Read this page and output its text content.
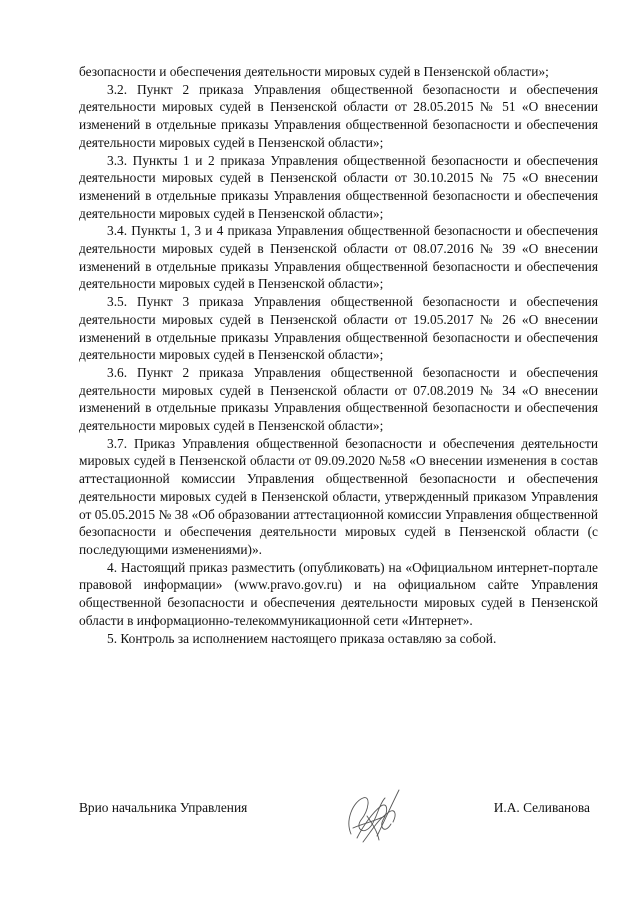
безопасности и обеспечения деятельности мировых судей в Пензенской области»;

3.2. Пункт 2 приказа Управления общественной безопасности и обеспечения деятельности мировых судей в Пензенской области от 28.05.2015 № 51 «О внесении изменений в отдельные приказы Управления общественной безопасности и обеспечения деятельности мировых судей в Пензенской области»;

3.3. Пункты 1 и 2 приказа Управления общественной безопасности и обеспечения деятельности мировых судей в Пензенской области от 30.10.2015 № 75 «О внесении изменений в отдельные приказы Управления общественной безопасности и обеспечения деятельности мировых судей в Пензенской области»;

3.4. Пункты 1, 3 и 4 приказа Управления общественной безопасности и обеспечения деятельности мировых судей в Пензенской области от 08.07.2016 № 39 «О внесении изменений в отдельные приказы Управления общественной безопасности и обеспечения деятельности мировых судей в Пензенской области»;

3.5. Пункт 3 приказа Управления общественной безопасности и обеспечения деятельности мировых судей в Пензенской области от 19.05.2017 № 26 «О внесении изменений в отдельные приказы Управления общественной безопасности и обеспечения деятельности мировых судей в Пензенской области»;

3.6. Пункт 2 приказа Управления общественной безопасности и обеспечения деятельности мировых судей в Пензенской области от 07.08.2019 № 34 «О внесении изменений в отдельные приказы Управления общественной безопасности и обеспечения деятельности мировых судей в Пензенской области»;

3.7. Приказ Управления общественной безопасности и обеспечения деятельности мировых судей в Пензенской области от 09.09.2020 №58 «О внесении изменения в состав аттестационной комиссии Управления общественной безопасности и обеспечения деятельности мировых судей в Пензенской области, утвержденный приказом Управления от 05.05.2015 № 38 «Об образовании аттестационной комиссии Управления общественной безопасности и обеспечения деятельности мировых судей в Пензенской области (с последующими изменениями)».

4. Настоящий приказ разместить (опубликовать) на «Официальном интернет-портале правовой информации» (www.pravo.gov.ru) и на официальном сайте Управления общественной безопасности и обеспечения деятельности мировых судей в Пензенской области в информационно-телекоммуникационной сети «Интернет».

5. Контроль за исполнением настоящего приказа оставляю за собой.

Врио начальника Управления	И.А. Селиванова
